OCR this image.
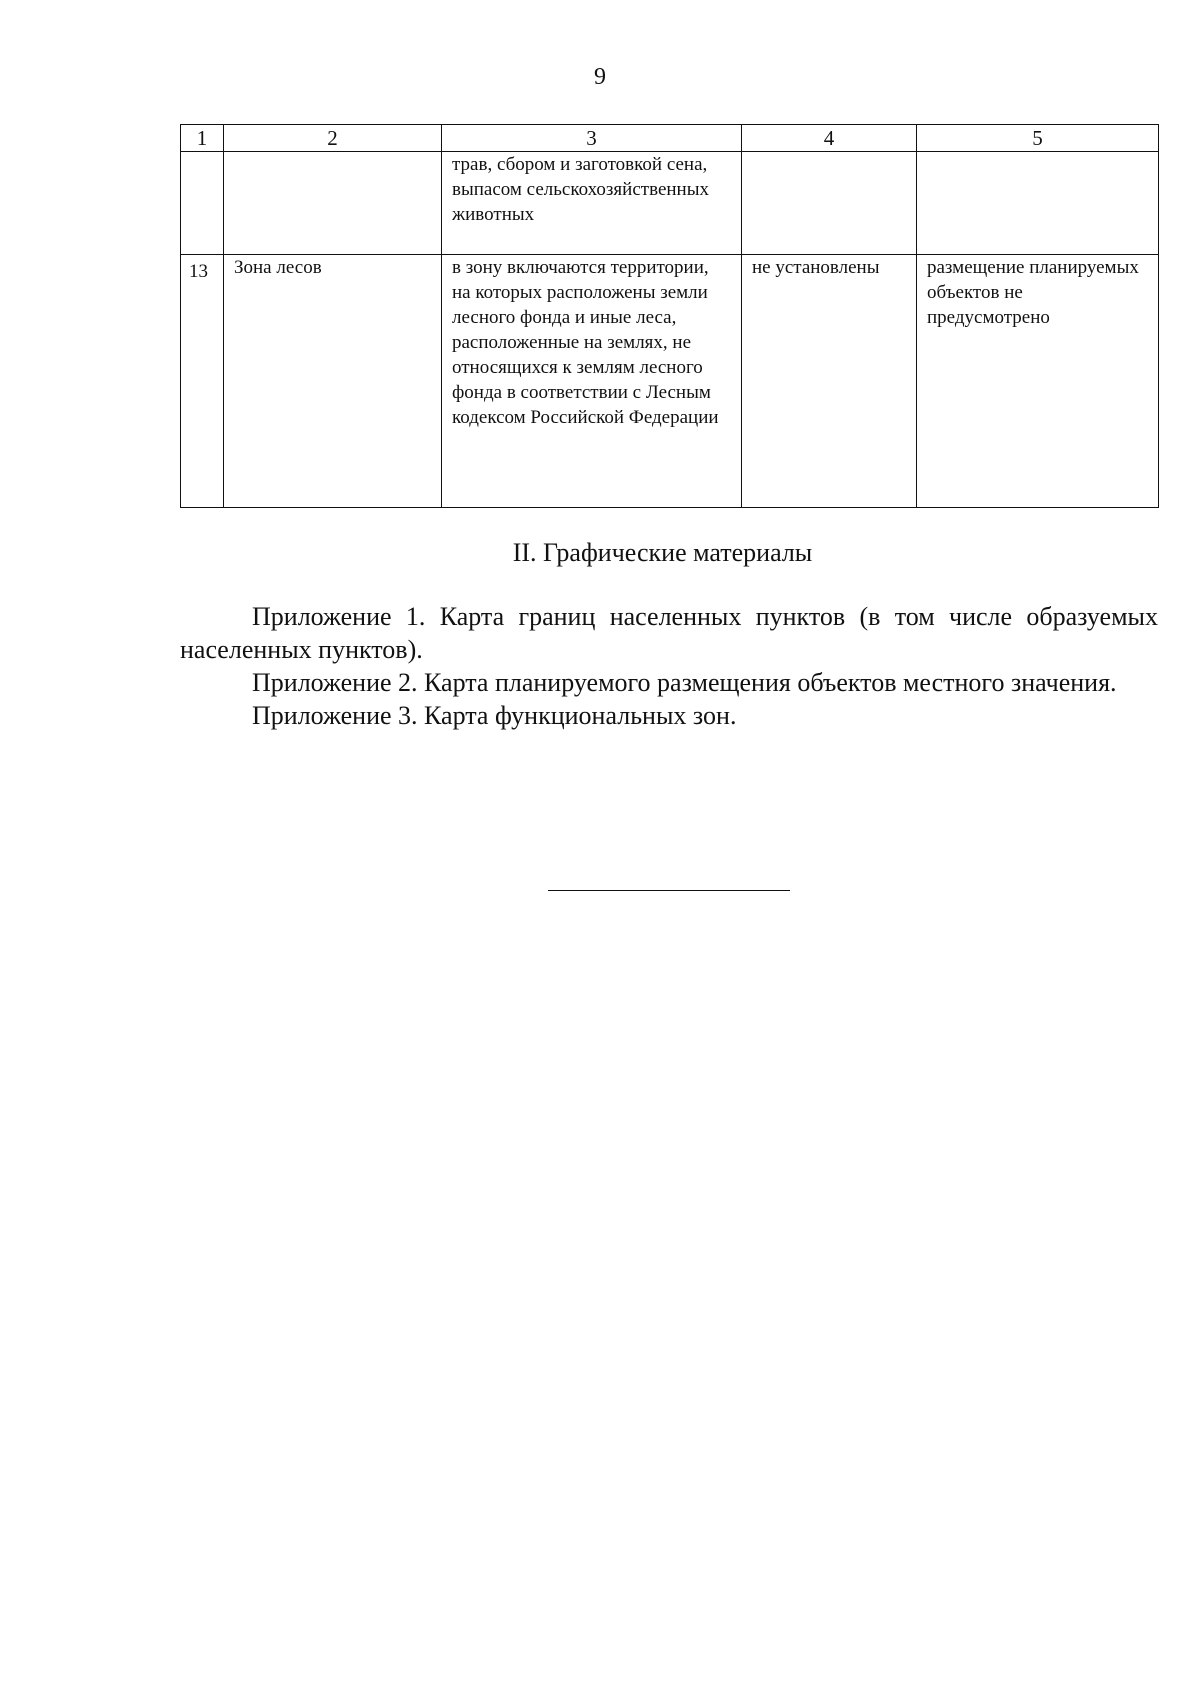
9
1	2	3	4	5
		трав, сбором и заготовкой сена, выпасом сельскохозяйственных животных		
13	Зона лесов	в зону включаются территории, на которых расположены земли лесного фонда и иные леса, расположенные на землях, не относящихся к землям лесного фонда в соответствии с Лесным кодексом Российской Федерации	не установлены	размещение планируемых объектов не предусмотрено
II. Графические материалы

Приложение 1. Карта границ населенных пунктов (в том числе образуемых населенных пунктов).

Приложение 2. Карта планируемого размещения объектов местного значения.

Приложение 3. Карта функциональных зон.
